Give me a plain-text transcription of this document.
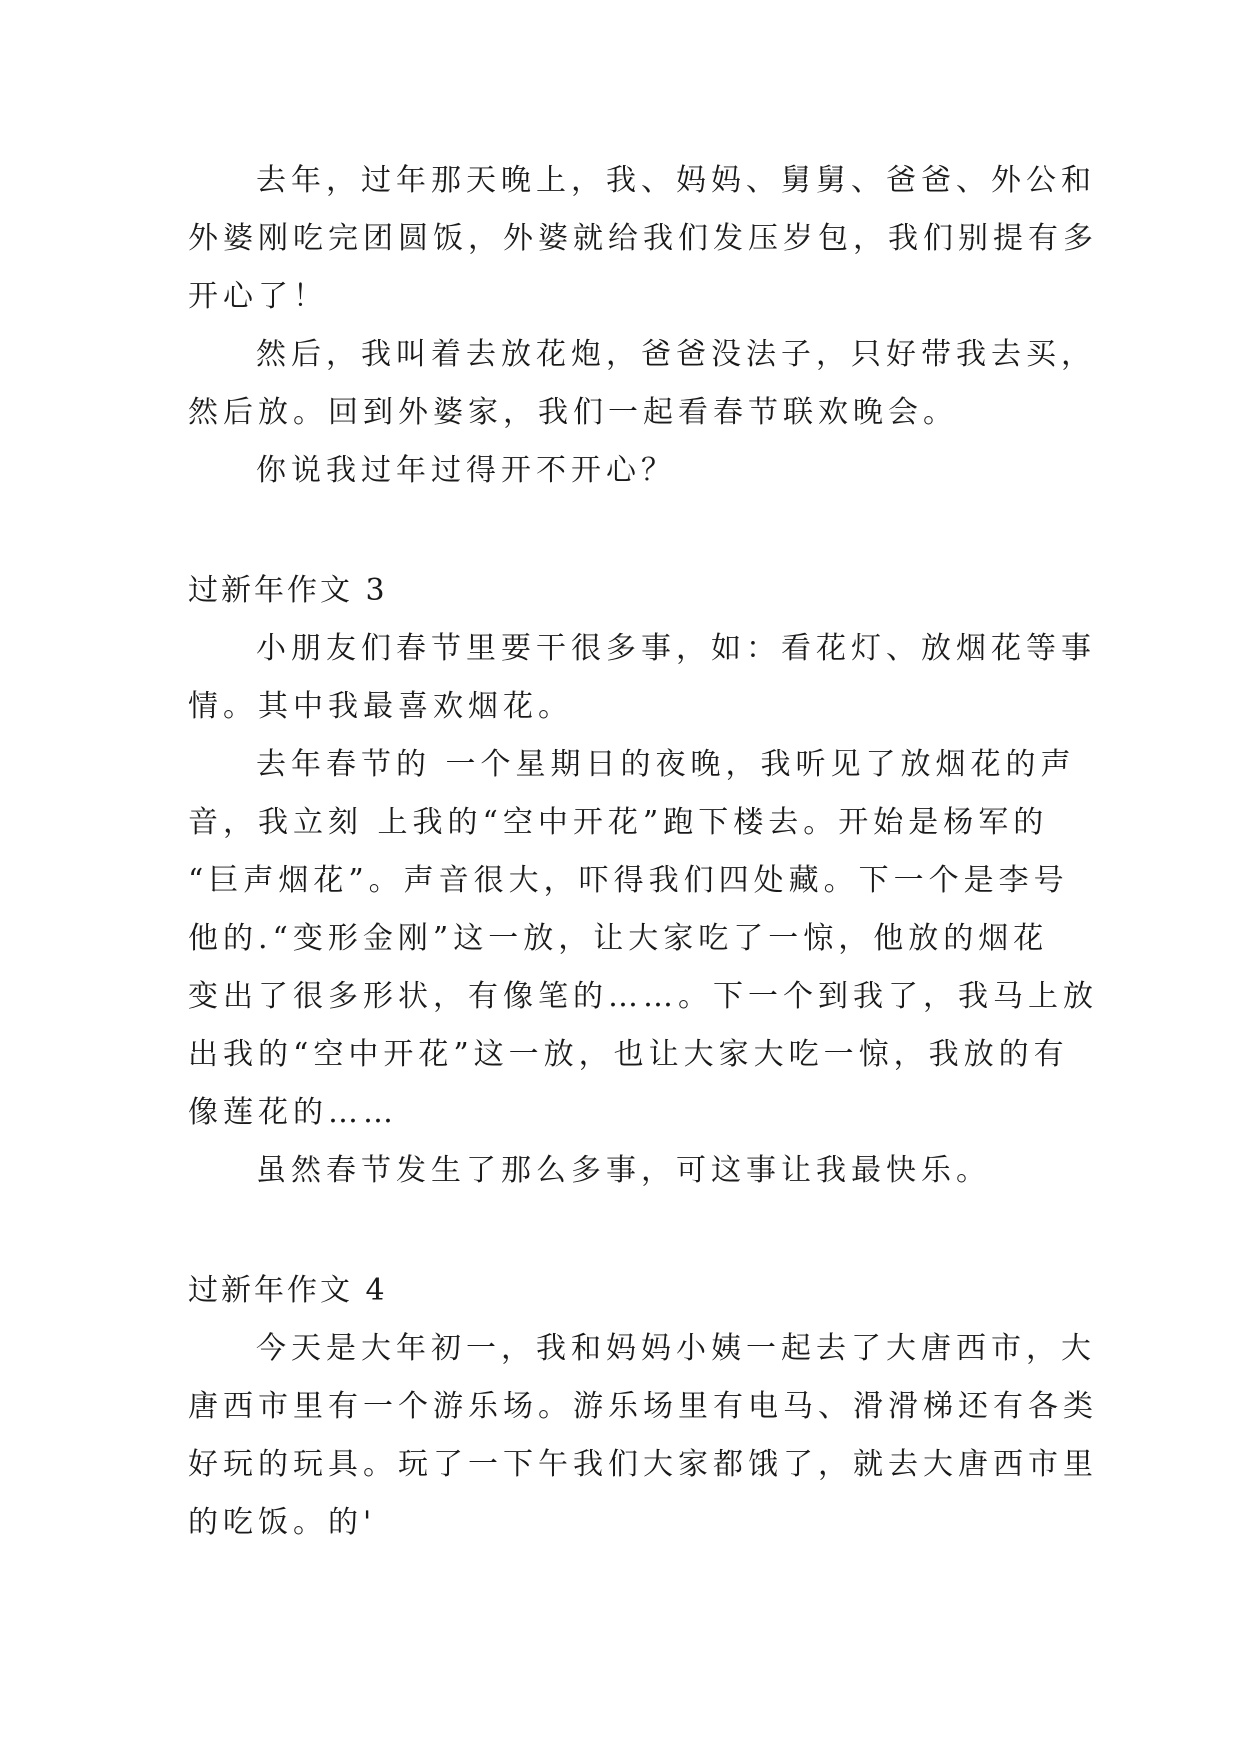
去年，过年那天晚上，我、妈妈、舅舅、爸爸、外公和

外婆刚吃完团圆饭，外婆就给我们发压岁包，我们别提有多

开心了！

然后，我叫着去放花炮，爸爸没法子，只好带我去买，

然后放。回到外婆家，我们一起看春节联欢晚会。

你说我过年过得开不开心？

过新年作文 3

小朋友们春节里要干很多事，如：看花灯、放烟花等事

情。其中我最喜欢烟花。

去年春节的 一个星期日的夜晚，我听见了放烟花的声

音，我立刻 上我的“空中开花”跑下楼去。开始是杨军的

“巨声烟花”。声音很大，吓得我们四处藏。下一个是李号

他的.“变形金刚”这一放，让大家吃了一惊，他放的烟花

变出了很多形状，有像笔的……。下一个到我了，我马上放

出我的“空中开花”这一放，也让大家大吃一惊，我放的有

像莲花的……

虽然春节发生了那么多事，可这事让我最快乐。

过新年作文 4

今天是大年初一，我和妈妈小姨一起去了大唐西市，大

唐西市里有一个游乐场。游乐场里有电马、滑滑梯还有各类

好玩的玩具。玩了一下午我们大家都饿了，就去大唐西市里

的吃饭。的'
